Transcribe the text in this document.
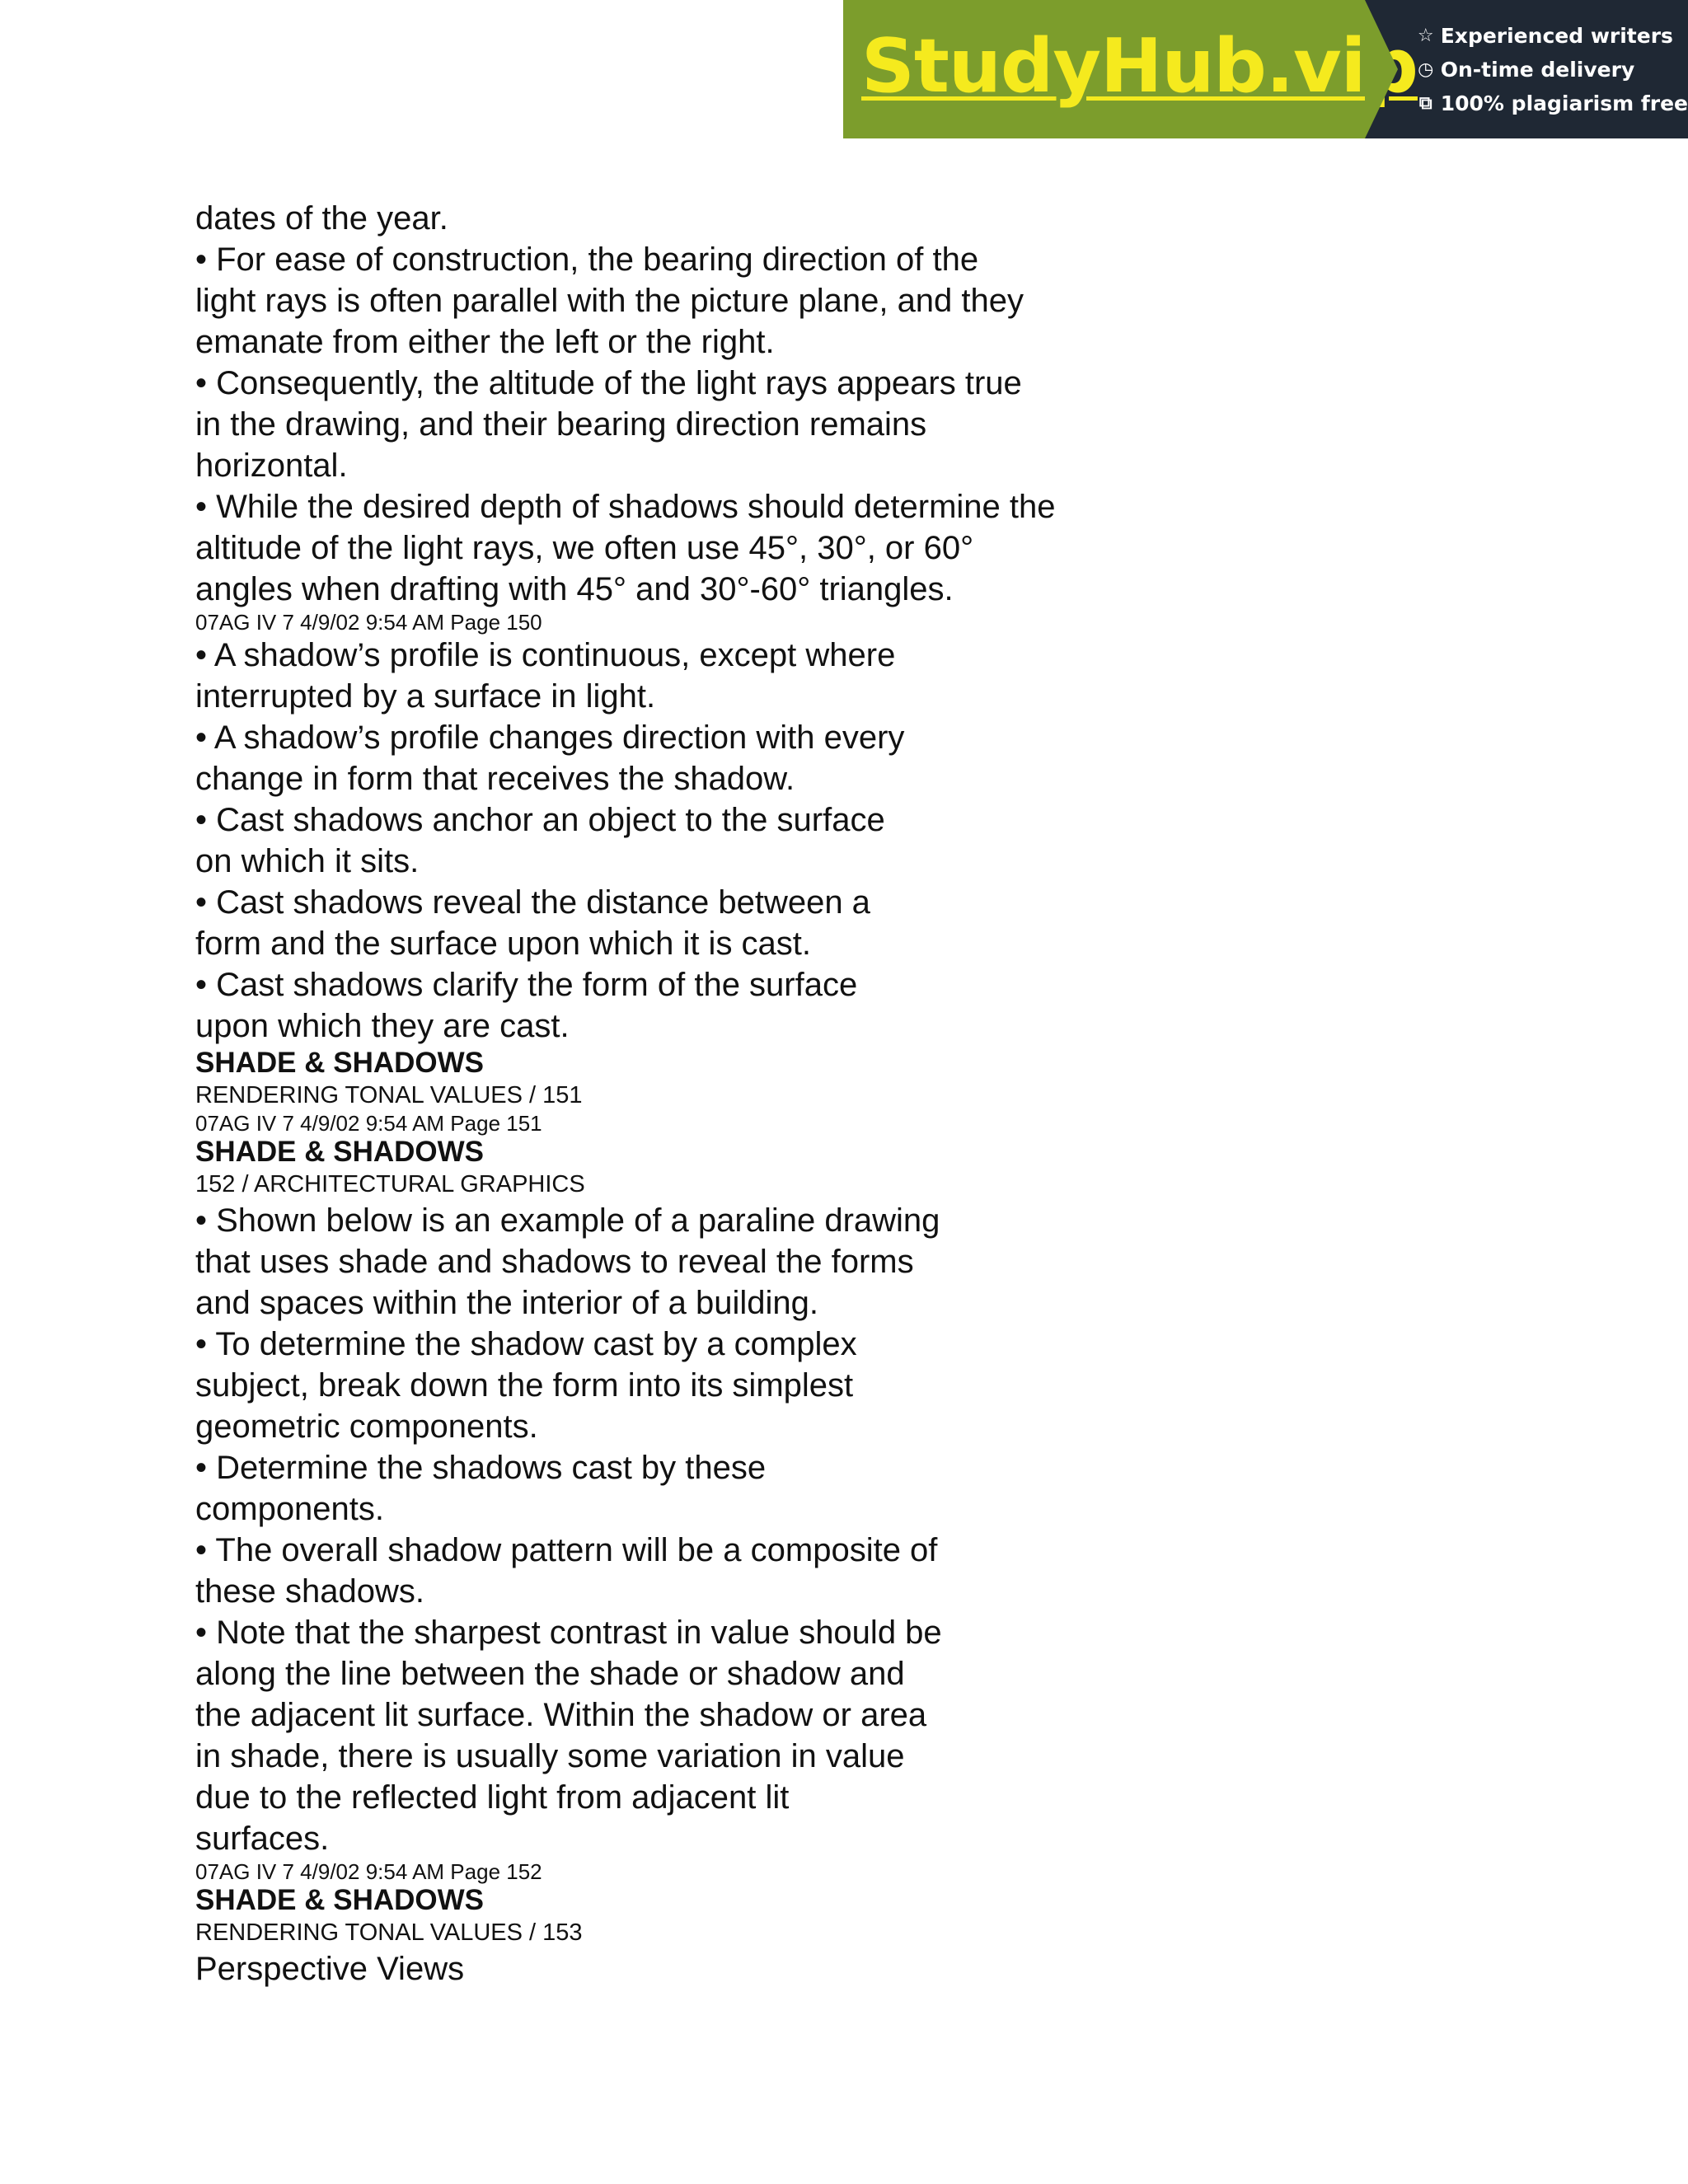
StudyHub.vip ☆ Experienced writers
◷ On-time delivery
⧉ 100% plagiarism free
dates of the year.
• For ease of construction, the bearing direction of the
light rays is often parallel with the picture plane, and they
emanate from either the left or the right.
• Consequently, the altitude of the light rays appears true
in the drawing, and their bearing direction remains
horizontal.
• While the desired depth of shadows should determine the
altitude of the light rays, we often use 45°, 30°, or 60°
angles when drafting with 45° and 30°-60° triangles.
07AG IV 7 4/9/02 9:54 AM Page 150
• A shadow’s profile is continuous, except where
interrupted by a surface in light.
• A shadow’s profile changes direction with every
change in form that receives the shadow.
• Cast shadows anchor an object to the surface
on which it sits.
• Cast shadows reveal the distance between a
form and the surface upon which it is cast.
• Cast shadows clarify the form of the surface
upon which they are cast.
SHADE & SHADOWS
RENDERING TONAL VALUES / 151
07AG IV 7 4/9/02 9:54 AM Page 151
SHADE & SHADOWS
152 / ARCHITECTURAL GRAPHICS
• Shown below is an example of a paraline drawing
that uses shade and shadows to reveal the forms
and spaces within the interior of a building.
• To determine the shadow cast by a complex
subject, break down the form into its simplest
geometric components.
• Determine the shadows cast by these
components.
• The overall shadow pattern will be a composite of
these shadows.
• Note that the sharpest contrast in value should be
along the line between the shade or shadow and
the adjacent lit surface. Within the shadow or area
in shade, there is usually some variation in value
due to the reflected light from adjacent lit
surfaces.
07AG IV 7 4/9/02 9:54 AM Page 152
SHADE & SHADOWS
RENDERING TONAL VALUES / 153
Perspective Views
